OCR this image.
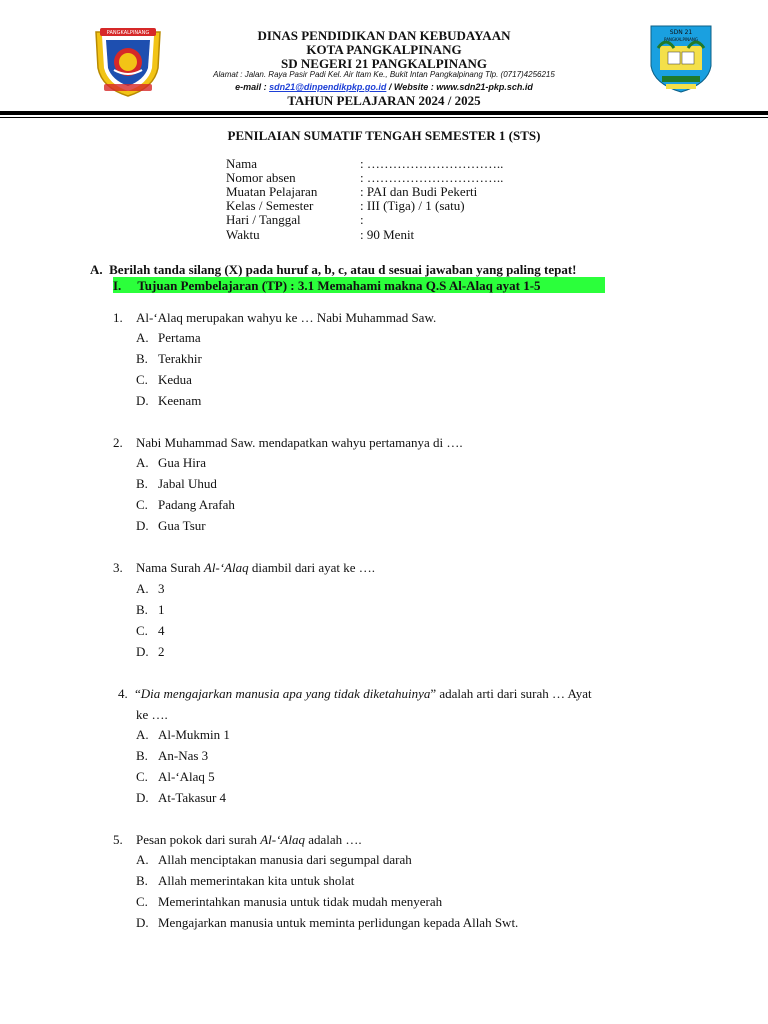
PANGKALPINANG	SDN 21
PANGKALPINANG
DINAS PENDIDIKAN DAN KEBUDAYAAN
KOTA PANGKALPINANG
SD NEGERI 21 PANGKALPINANG
Alamat : Jalan. Raya Pasir Padi Kel. Air Itam Ke., Bukit Intan Pangkalpinang Tlp. (0717)4256215
e-mail : sdn21@dinpendikpkp.go.id / Website : www.sdn21-pkp.sch.id
TAHUN PELAJARAN 2024 / 2025
PENILAIAN SUMATIF TENGAH SEMESTER 1 (STS)
Nama	: …………………………..
Nomor absen	: …………………………..
Muatan Pelajaran	: PAI dan Budi Pekerti
Kelas / Semester	: III (Tiga) / 1 (satu)
Hari / Tanggal	:
Waktu	: 90 Menit
A. Berilah tanda silang (X) pada huruf a, b, c, atau d sesuai jawaban yang paling tepat!
I. Tujuan Pembelajaran (TP) : 3.1 Memahami makna Q.S Al-Alaq ayat 1-5
1. Al-‘Alaq merupakan wahyu ke … Nabi Muhammad Saw.
A. Pertama
B. Terakhir
C. Kedua
D. Keenam
2. Nabi Muhammad Saw. mendapatkan wahyu pertamanya di ….
A. Gua Hira
B. Jabal Uhud
C. Padang Arafah
D. Gua Tsur
3. Nama Surah Al-‘Alaq diambil dari ayat ke ….
A. 3
B. 1
C. 4
D. 2
4. “Dia mengajarkan manusia apa yang tidak diketahuinya” adalah arti dari surah … Ayat
ke ….
A. Al-Mukmin 1
B. An-Nas 3
C. Al-‘Alaq 5
D. At-Takasur 4
5. Pesan pokok dari surah Al-‘Alaq adalah ….
A. Allah menciptakan manusia dari segumpal darah
B. Allah memerintakan kita untuk sholat
C. Memerintahkan manusia untuk tidak mudah menyerah
D. Mengajarkan manusia untuk meminta perlidungan kepada Allah Swt.
